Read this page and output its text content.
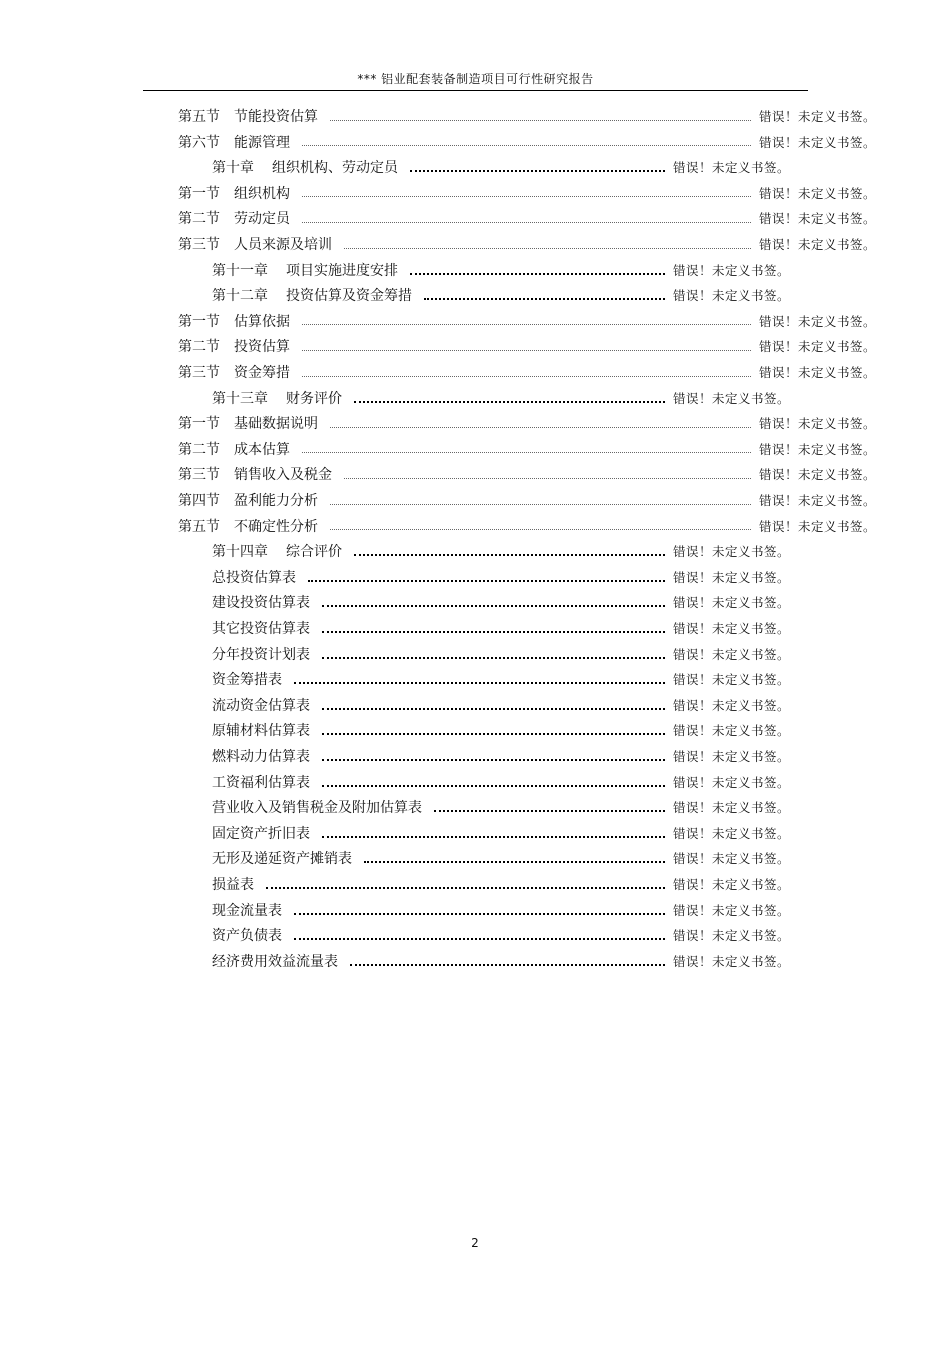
*** 铝业配套装备制造项目可行性研究报告
第五节 节能投资估算	错误！未定义书签。
第六节 能源管理	错误！未定义书签。
第十章 组织机构、劳动定员	错误！未定义书签。
第一节 组织机构	错误！未定义书签。
第二节 劳动定员	错误！未定义书签。
第三节 人员来源及培训	错误！未定义书签。
第十一章 项目实施进度安排	错误！未定义书签。
第十二章 投资估算及资金筹措	错误！未定义书签。
第一节 估算依据	错误！未定义书签。
第二节 投资估算	错误！未定义书签。
第三节 资金筹措	错误！未定义书签。
第十三章 财务评价	错误！未定义书签。
第一节 基础数据说明	错误！未定义书签。
第二节 成本估算	错误！未定义书签。
第三节 销售收入及税金	错误！未定义书签。
第四节 盈利能力分析	错误！未定义书签。
第五节 不确定性分析	错误！未定义书签。
第十四章 综合评价	错误！未定义书签。
总投资估算表	错误！未定义书签。
建设投资估算表	错误！未定义书签。
其它投资估算表	错误！未定义书签。
分年投资计划表	错误！未定义书签。
资金筹措表	错误！未定义书签。
流动资金估算表	错误！未定义书签。
原辅材料估算表	错误！未定义书签。
燃料动力估算表	错误！未定义书签。
工资福利估算表	错误！未定义书签。
营业收入及销售税金及附加估算表	错误！未定义书签。
固定资产折旧表	错误！未定义书签。
无形及递延资产摊销表	错误！未定义书签。
损益表	错误！未定义书签。
现金流量表	错误！未定义书签。
资产负债表	错误！未定义书签。
经济费用效益流量表	错误！未定义书签。
2
